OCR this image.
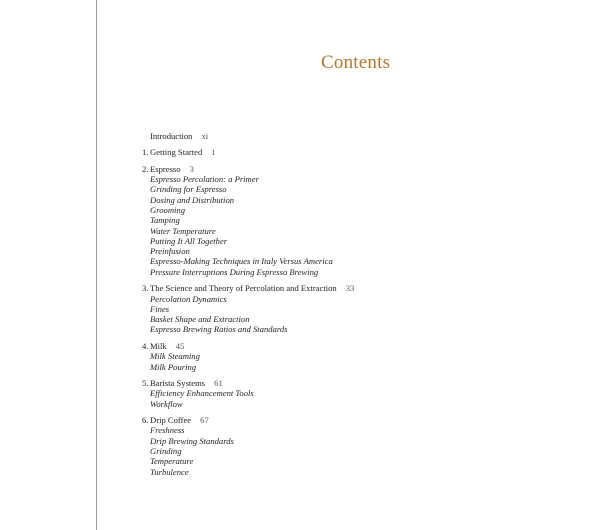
Contents
Introduction xi
1. Getting Started 1
2. Espresso 3
Espresso Percolation: a Primer
Grinding for Espresso
Dosing and Distribution
Grooming
Tamping
Water Temperature
Putting It All Together
Preinfusion
Espresso-Making Techniques in Italy Versus America
Pressure Interruptions During Espresso Brewing
3. The Science and Theory of Percolation and Extraction 33
Percolation Dynamics
Fines
Basket Shape and Extraction
Espresso Brewing Ratios and Standards
4. Milk 45
Milk Steaming
Milk Pouring
5. Barista Systems 61
Efficiency Enhancement Tools
Workflow
6. Drip Coffee 67
Freshness
Drip Brewing Standards
Grinding
Temperature
Turbulence
